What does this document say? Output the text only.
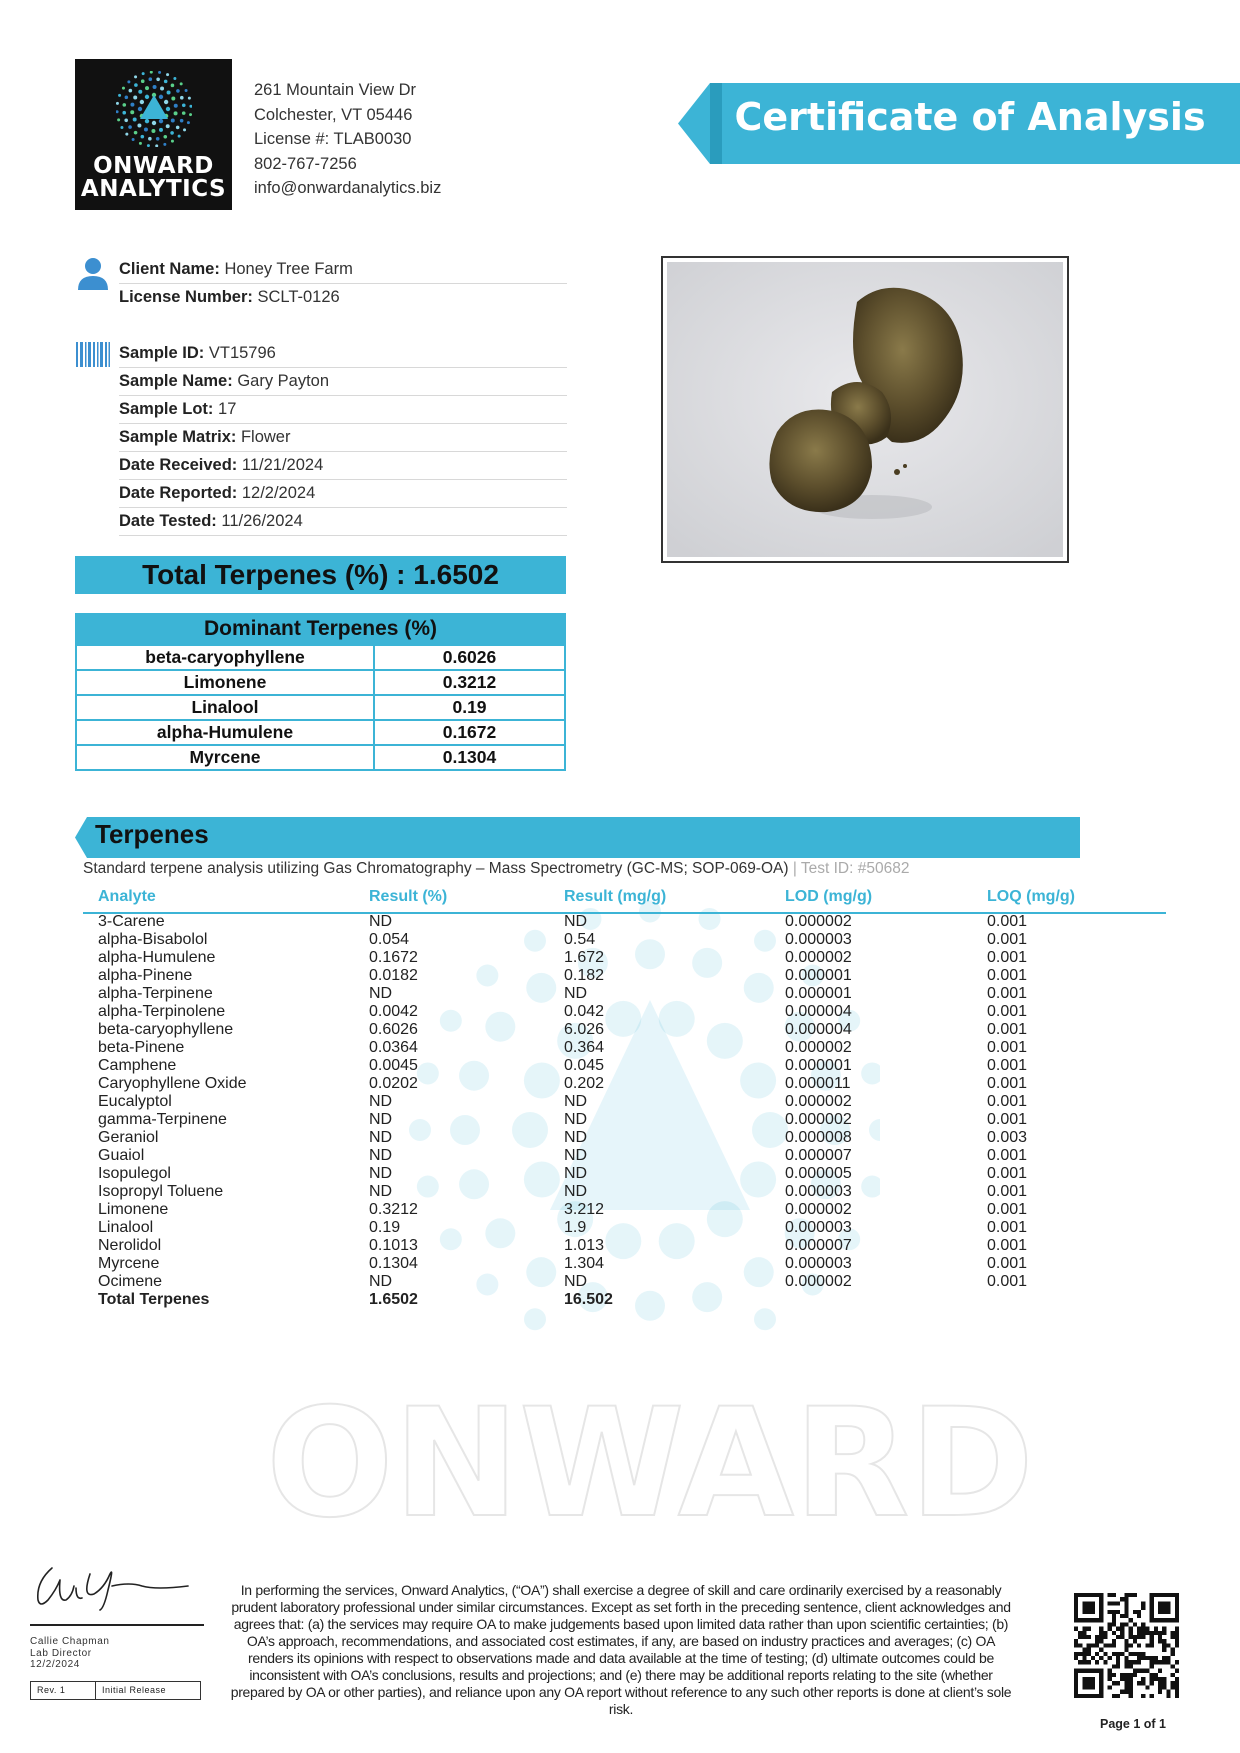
ONWARD
ANALYTICS
261 Mountain View Dr
Colchester, VT 05446
License #: TLAB0030
802-767-7256
info@onwardanalytics.biz
Certificate of Analysis
Client Name: Honey Tree Farm
License Number: SCLT-0126
Sample ID: VT15796
Sample Name: Gary Payton
Sample Lot: 17
Sample Matrix: Flower
Date Received: 11/21/2024
Date Reported: 12/2/2024
Date Tested: 11/26/2024
Total Terpenes (%) : 1.6502
Dominant Terpenes (%)
beta-caryophyllene	0.6026
Limonene	0.3212
Linalool	0.19
alpha-Humulene	0.1672
Myrcene	0.1304
ONWARD
Terpenes
Standard terpene analysis utilizing Gas Chromatography – Mass Spectrometry (GC-MS; SOP-069-OA) | Test ID: #50682
Analyte	Result (%)	Result (mg/g)	LOD (mg/g)	LOQ (mg/g)
3-Carene	ND	ND	0.000002	0.001
alpha-Bisabolol	0.054	0.54	0.000003	0.001
alpha-Humulene	0.1672	1.672	0.000002	0.001
alpha-Pinene	0.0182	0.182	0.000001	0.001
alpha-Terpinene	ND	ND	0.000001	0.001
alpha-Terpinolene	0.0042	0.042	0.000004	0.001
beta-caryophyllene	0.6026	6.026	0.000004	0.001
beta-Pinene	0.0364	0.364	0.000002	0.001
Camphene	0.0045	0.045	0.000001	0.001
Caryophyllene Oxide	0.0202	0.202	0.000011	0.001
Eucalyptol	ND	ND	0.000002	0.001
gamma-Terpinene	ND	ND	0.000002	0.001
Geraniol	ND	ND	0.000008	0.003
Guaiol	ND	ND	0.000007	0.001
Isopulegol	ND	ND	0.000005	0.001
Isopropyl Toluene	ND	ND	0.000003	0.001
Limonene	0.3212	3.212	0.000002	0.001
Linalool	0.19	1.9	0.000003	0.001
Nerolidol	0.1013	1.013	0.000007	0.001
Myrcene	0.1304	1.304	0.000003	0.001
Ocimene	ND	ND	0.000002	0.001
Total Terpenes	1.6502	16.502
Callie Chapman
Lab Director
12/2/2024
Rev. 1	Initial Release
In performing the services, Onward Analytics, (“OA”) shall exercise a degree of skill and care ordinarily exercised by a reasonably prudent laboratory professional under similar circumstances. Except as set forth in the preceding sentence, client acknowledges and agrees that: (a) the services may require OA to make judgements based upon limited data rather than upon scientific certainties; (b) OA’s approach, recommendations, and associated cost estimates, if any, are based on industry practices and averages; (c) OA renders its opinions with respect to observations made and data available at the time of testing; (d) ultimate outcomes could be inconsistent with OA’s conclusions, results and projections; and (e) there may be additional reports relating to the site (whether prepared by OA or other parties), and reliance upon any OA report without reference to any such other reports is done at client’s sole risk.
Page 1 of 1
